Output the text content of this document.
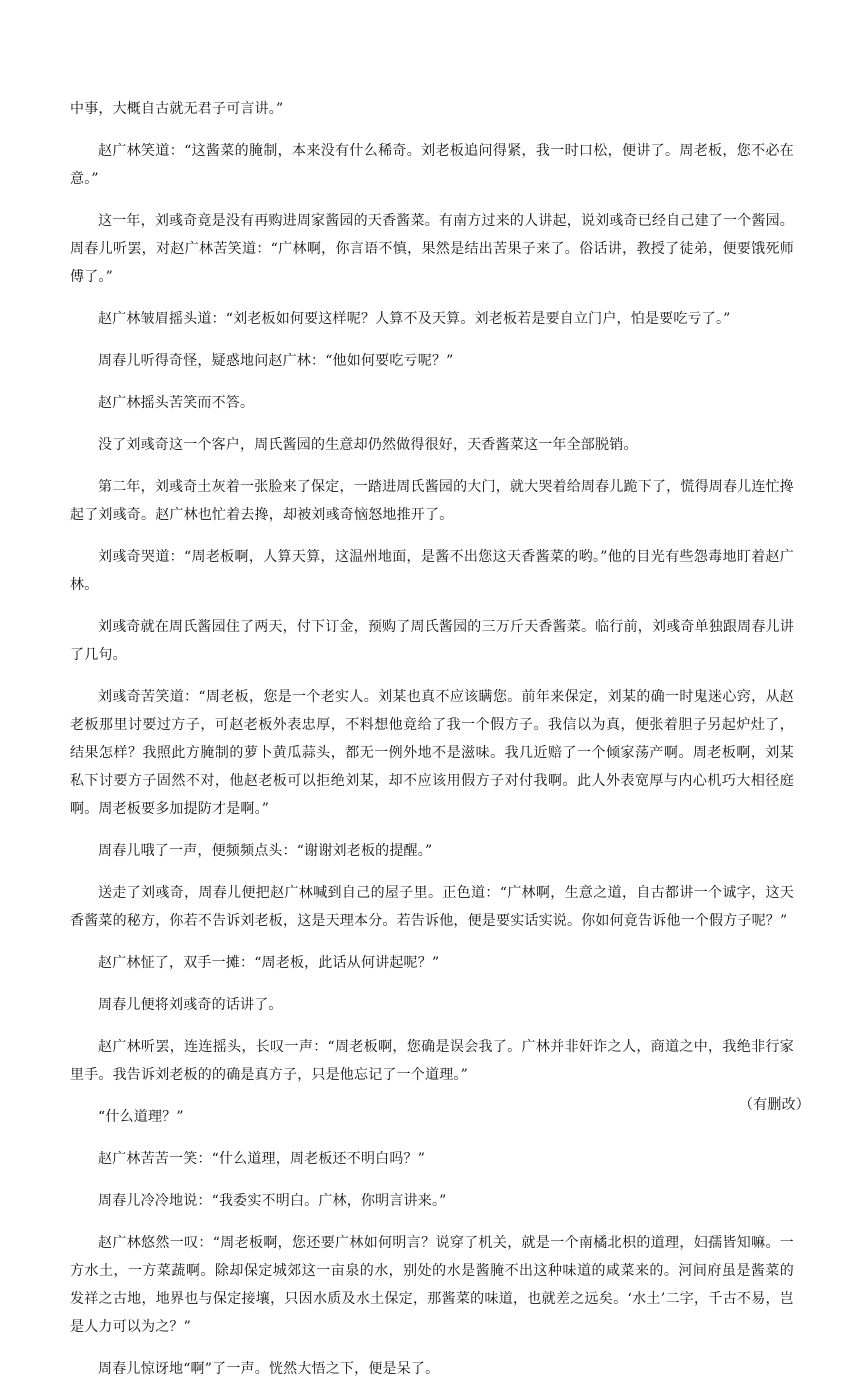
中事，大概自古就无君子可言讲。”

赵广林笑道：“这酱菜的腌制，本来没有什么稀奇。刘老板追问得紧，我一时口松，便讲了。周老板，您不必在意。”

这一年，刘彧奇竟是没有再购进周家酱园的天香酱菜。有南方过来的人讲起，说刘彧奇已经自己建了一个酱园。周春儿听罢，对赵广林苦笑道：“广林啊，你言语不慎，果然是结出苦果子来了。俗话讲，教授了徒弟，便要饿死师傅了。”

赵广林皱眉摇头道：“刘老板如何要这样呢？人算不及天算。刘老板若是要自立门户，怕是要吃亏了。”

周春儿听得奇怪，疑惑地问赵广林：“他如何要吃亏呢？”

赵广林摇头苦笑而不答。

没了刘彧奇这一个客户，周氏酱园的生意却仍然做得很好，天香酱菜这一年全部脱销。

第二年，刘彧奇土灰着一张脸来了保定，一踏进周氏酱园的大门，就大哭着给周春儿跪下了，慌得周春儿连忙搀起了刘彧奇。赵广林也忙着去搀，却被刘彧奇恼怒地推开了。

刘彧奇哭道：“周老板啊，人算天算，这温州地面，是酱不出您这天香酱菜的哟。”他的目光有些怨毒地盯着赵广林。

刘彧奇就在周氏酱园住了两天，付下订金，预购了周氏酱园的三万斤天香酱菜。临行前，刘彧奇单独跟周春儿讲了几句。

刘彧奇苦笑道：“周老板，您是一个老实人。刘某也真不应该瞒您。前年来保定，刘某的确一时鬼迷心窍，从赵老板那里讨要过方子，可赵老板外表忠厚，不料想他竟给了我一个假方子。我信以为真，便张着胆子另起炉灶了，结果怎样？我照此方腌制的萝卜黄瓜蒜头，都无一例外地不是滋味。我几近赔了一个倾家荡产啊。周老板啊，刘某私下讨要方子固然不对，他赵老板可以拒绝刘某，却不应该用假方子对付我啊。此人外表宽厚与内心机巧大相径庭啊。周老板要多加提防才是啊。”

周春儿哦了一声，便频频点头：“谢谢刘老板的提醒。”

送走了刘彧奇，周春儿便把赵广林喊到自己的屋子里。正色道：“广林啊，生意之道，自古都讲一个诚字，这天香酱菜的秘方，你若不告诉刘老板，这是天理本分。若告诉他，便是要实话实说。你如何竟告诉他一个假方子呢？”

赵广林怔了，双手一摊：“周老板，此话从何讲起呢？”

周春儿便将刘彧奇的话讲了。

赵广林听罢，连连摇头，长叹一声：“周老板啊，您确是误会我了。广林并非奸诈之人，商道之中，我绝非行家里手。我告诉刘老板的的确是真方子，只是他忘记了一个道理。”

“什么道理？”

赵广林苦苦一笑：“什么道理，周老板还不明白吗？”

周春儿冷冷地说：“我委实不明白。广林，你明言讲来。”

赵广林悠然一叹：“周老板啊，您还要广林如何明言？说穿了机关，就是一个南橘北枳的道理，妇孺皆知嘛。一方水土，一方菜蔬啊。除却保定城郊这一亩泉的水，别处的水是酱腌不出这种味道的咸菜来的。河间府虽是酱菜的发祥之古地，地界也与保定接壤，只因水质及水土保定，那酱菜的味道，也就差之远矣。‘水土’二字，千古不易，岂是人力可以为之？”

周春儿惊讶地“啊”了一声。恍然大悟之下，便是呆了。

（有删改）
